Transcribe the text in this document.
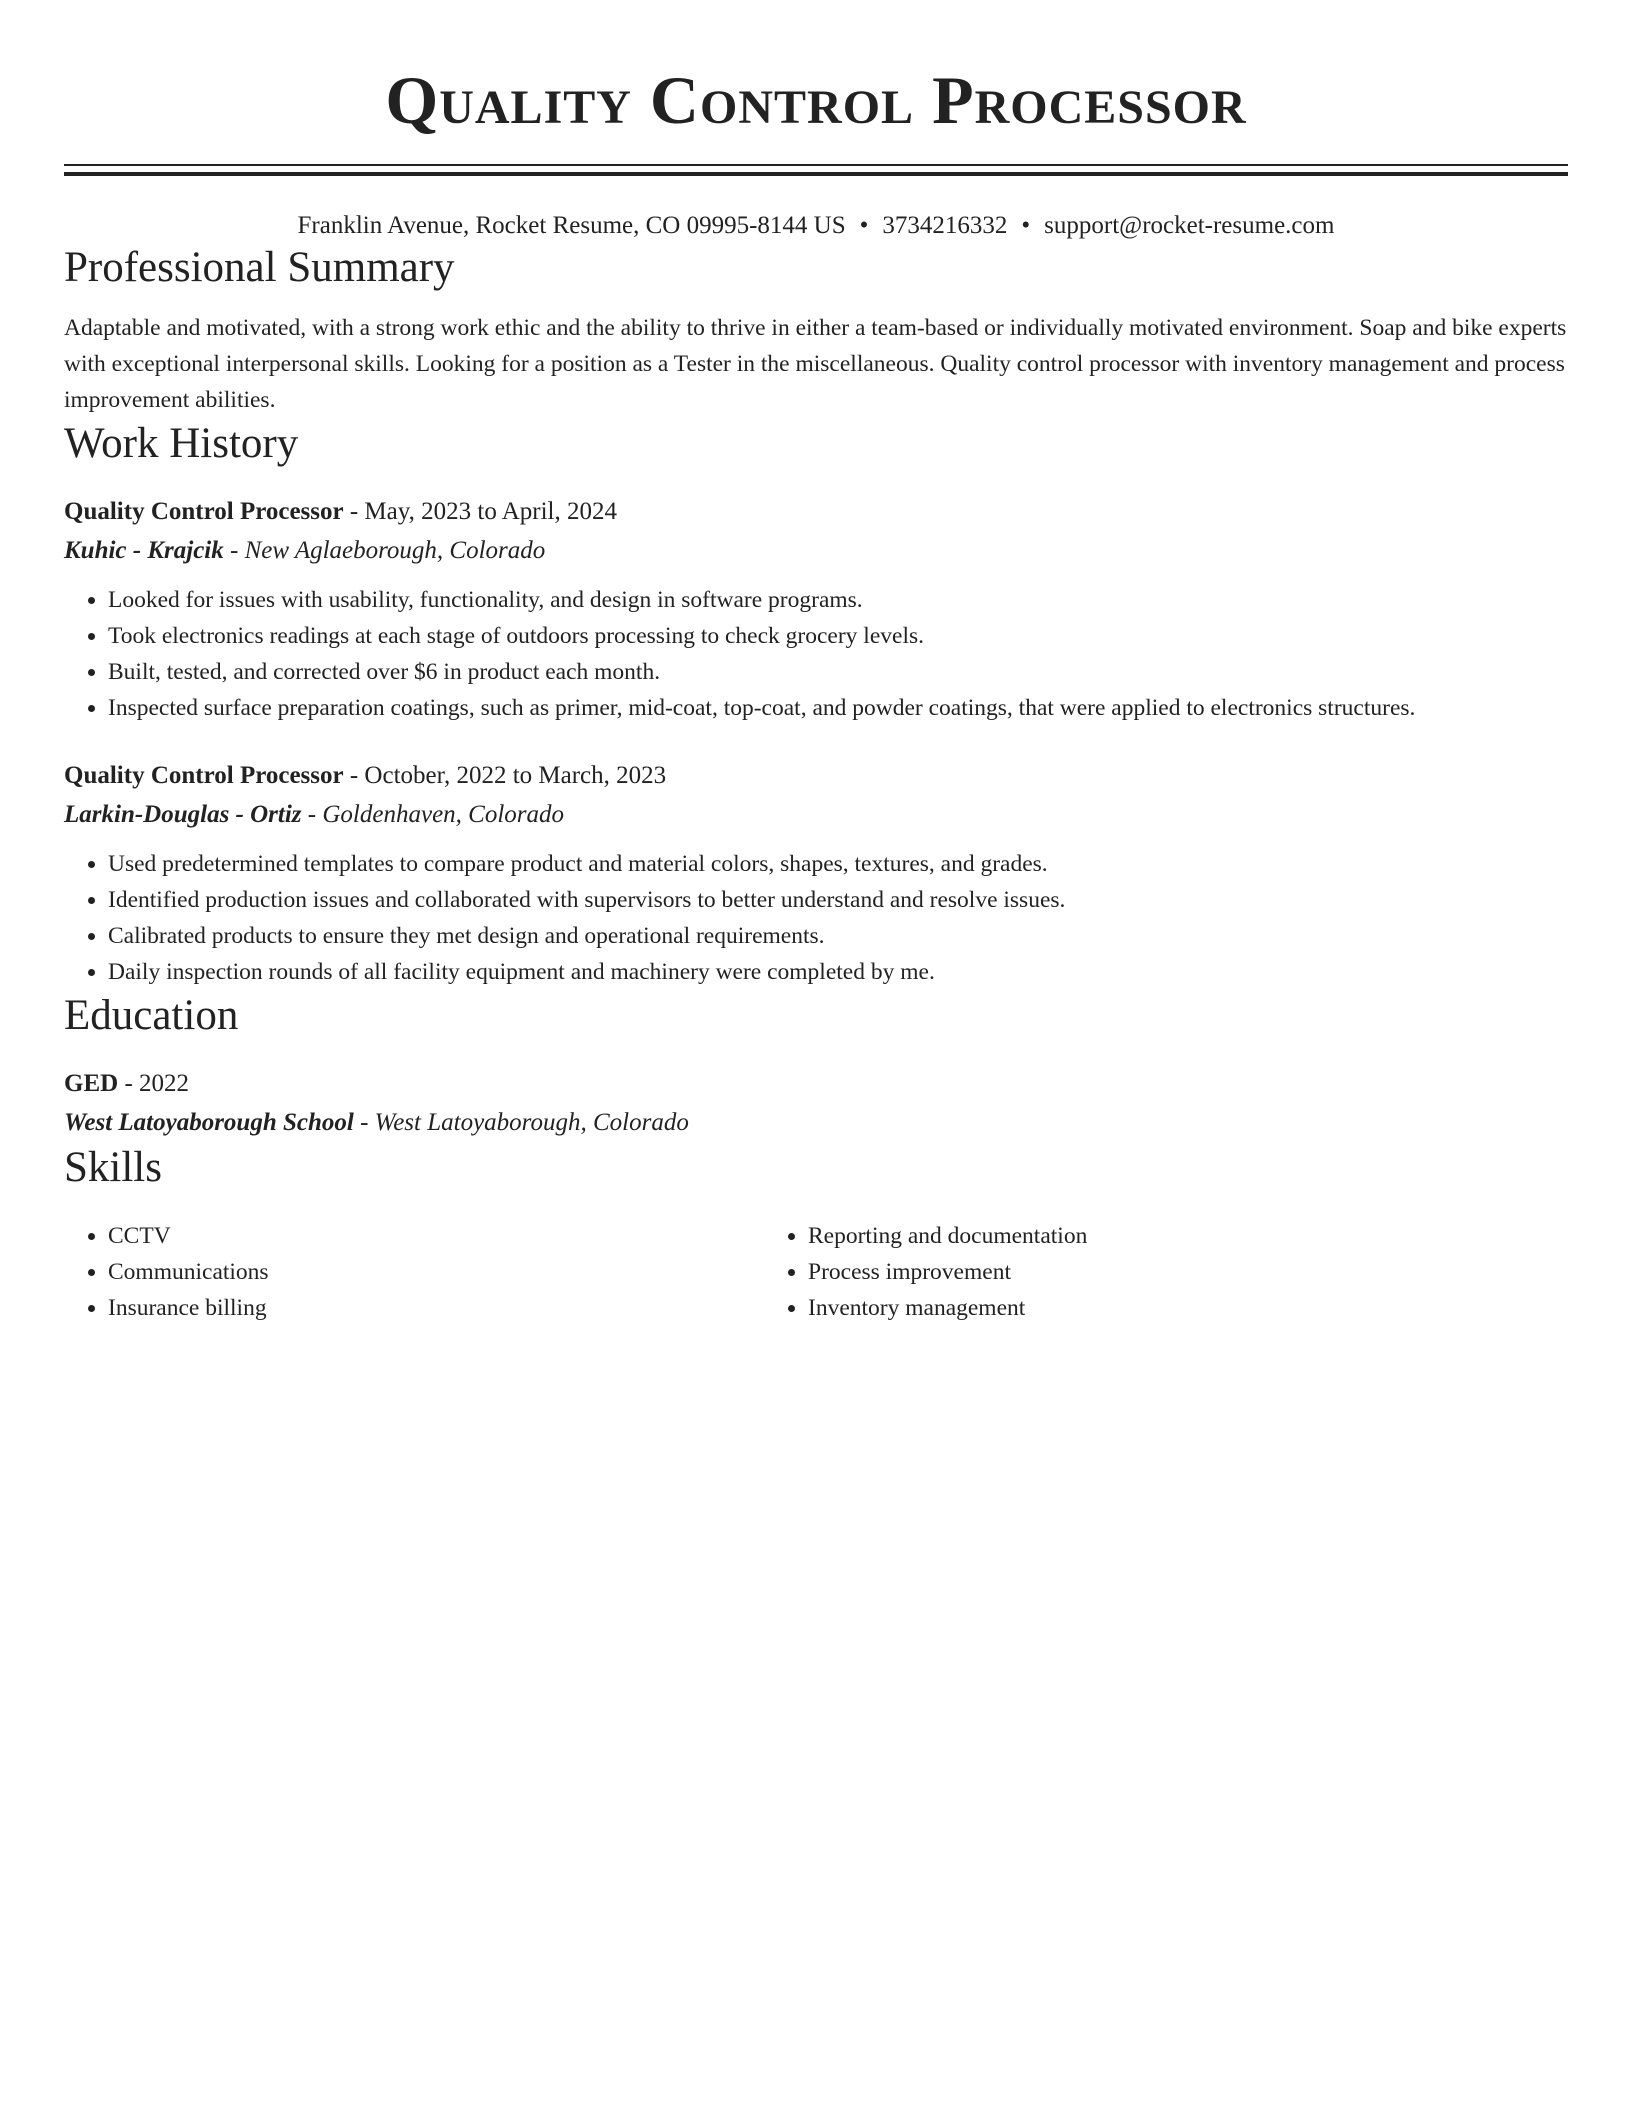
Quality Control Processor
Franklin Avenue, Rocket Resume, CO 09995-8144 US • 3734216332 • support@rocket-resume.com
Professional Summary

Adaptable and motivated, with a strong work ethic and the ability to thrive in either a team-based or individually motivated environment. Soap and bike experts with exceptional interpersonal skills. Looking for a position as a Tester in the miscellaneous. Quality control processor with inventory management and process improvement abilities.

Work History
Quality Control Processor - May, 2023 to April, 2024
Kuhic - Krajcik - New Aglaeborough, Colorado
• Looked for issues with usability, functionality, and design in software programs.
• Took electronics readings at each stage of outdoors processing to check grocery levels.
• Built, tested, and corrected over $6 in product each month.
• Inspected surface preparation coatings, such as primer, mid-coat, top-coat, and powder coatings, that were applied to electronics structures.
Quality Control Processor - October, 2022 to March, 2023
Larkin-Douglas - Ortiz - Goldenhaven, Colorado
• Used predetermined templates to compare product and material colors, shapes, textures, and grades.
• Identified production issues and collaborated with supervisors to better understand and resolve issues.
• Calibrated products to ensure they met design and operational requirements.
• Daily inspection rounds of all facility equipment and machinery were completed by me.
Education
GED - 2022
West Latoyaborough School - West Latoyaborough, Colorado
Skills
• CCTV
• Communications
• Insurance billing
• Reporting and documentation
• Process improvement
• Inventory management
